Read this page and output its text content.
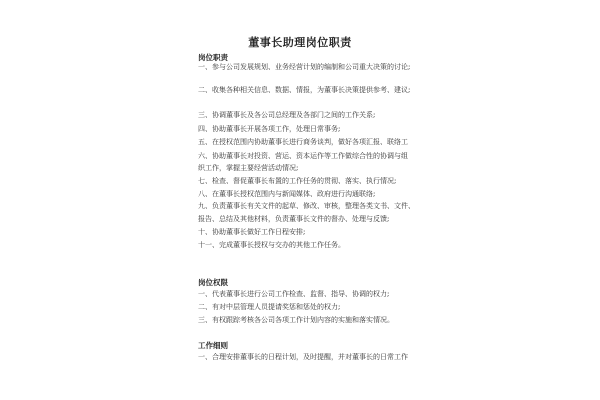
董事长助理岗位职责
岗位职责
一、参与公司发展规划、业务经营计划的编制和公司重大决策的讨论;
二、收集各种相关信息、数据、情报，为董事长决策提供参考、建议;
三、协调董事长及各公司总经理及各部门之间的工作关系;
四、协助董事长开展各项工作，处理日常事务;
五、在授权范围内协助董事长进行商务谈判，做好各项汇报、联络工
六、协助董事长对投资、营运、资本运作等工作做综合性的协调与组
织工作，掌握主要经营活动情况;
七、检查、督促董事长布置的工作任务的贯彻、落实、执行情况;
八、在董事长授权范围内与新闻媒体、政府进行沟通联络;
九、负责董事长有关文件的起草、修改、审核，整理各类文书、文件、
报告、总结及其他材料，负责董事长文件的督办、处理与反馈;
十、协助董事长做好工作日程安排;
十一、完成董事长授权与交办的其他工作任务。
岗位权限
一、代表董事长进行公司工作检查、监督、指导、协调的权力;
二、有对中层管理人员提请奖惩和惩处的权力;
三、有权跟踪考核各公司各项工作计划内容的实施和落实情况。
工作细则
一、合理安排董事长的日程计划，及时提醒，并对董事长的日常工作
